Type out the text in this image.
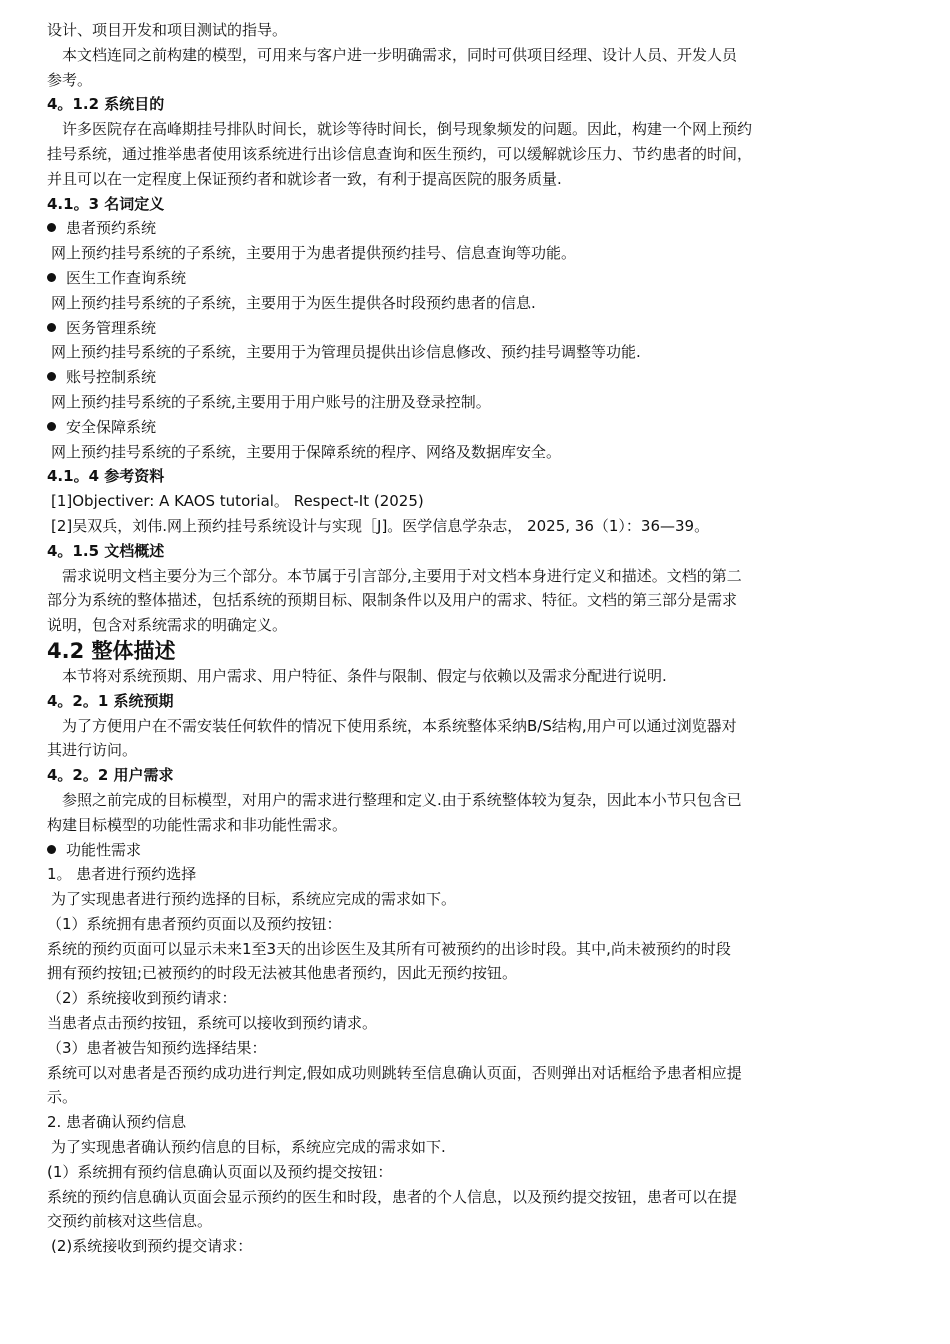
设计、项目开发和项目测试的指导。

本文档连同之前构建的模型，可用来与客户进一步明确需求，同时可供项目经理、设计人员、开发人员

参考。

4。1.2 系统目的

许多医院存在高峰期挂号排队时间长，就诊等待时间长，倒号现象频发的问题。因此，构建一个网上预约

挂号系统，通过推举患者使用该系统进行出诊信息查询和医生预约，可以缓解就诊压力、节约患者的时间，

并且可以在一定程度上保证预约者和就诊者一致，有利于提高医院的服务质量.

4.1。3 名词定义

患者预约系统

网上预约挂号系统的子系统，主要用于为患者提供预约挂号、信息查询等功能。

医生工作查询系统

网上预约挂号系统的子系统，主要用于为医生提供各时段预约患者的信息.

医务管理系统

网上预约挂号系统的子系统，主要用于为管理员提供出诊信息修改、预约挂号调整等功能.

账号控制系统

网上预约挂号系统的子系统,主要用于用户账号的注册及登录控制。

安全保障系统

网上预约挂号系统的子系统，主要用于保障系统的程序、网络及数据库安全。

4.1。4 参考资料

[1]Objectiver: A KAOS tutorial。 Respect-It (2025)

[2]吴双兵，刘伟.网上预约挂号系统设计与实现［J]。医学信息学杂志， 2025, 36（1）：36—39。

4。1.5 文档概述

需求说明文档主要分为三个部分。本节属于引言部分,主要用于对文档本身进行定义和描述。文档的第二

部分为系统的整体描述，包括系统的预期目标、限制条件以及用户的需求、特征。文档的第三部分是需求

说明，包含对系统需求的明确定义。

4.2 整体描述

本节将对系统预期、用户需求、用户特征、条件与限制、假定与依赖以及需求分配进行说明.

4。2。1 系统预期

为了方便用户在不需安装任何软件的情况下使用系统，本系统整体采纳B/S结构,用户可以通过浏览器对

其进行访问。

4。2。2 用户需求

参照之前完成的目标模型，对用户的需求进行整理和定义.由于系统整体较为复杂，因此本小节只包含已

构建目标模型的功能性需求和非功能性需求。

功能性需求

1。 患者进行预约选择

为了实现患者进行预约选择的目标，系统应完成的需求如下。

（1）系统拥有患者预约页面以及预约按钮：

系统的预约页面可以显示未来1至3天的出诊医生及其所有可被预约的出诊时段。其中,尚未被预约的时段

拥有预约按钮;已被预约的时段无法被其他患者预约，因此无预约按钮。

（2）系统接收到预约请求：

当患者点击预约按钮，系统可以接收到预约请求。

（3）患者被告知预约选择结果：

系统可以对患者是否预约成功进行判定,假如成功则跳转至信息确认页面，否则弹出对话框给予患者相应提

示。

2. 患者确认预约信息

为了实现患者确认预约信息的目标，系统应完成的需求如下.

(1）系统拥有预约信息确认页面以及预约提交按钮：

系统的预约信息确认页面会显示预约的医生和时段，患者的个人信息，以及预约提交按钮，患者可以在提

交预约前核对这些信息。

(2)系统接收到预约提交请求：
